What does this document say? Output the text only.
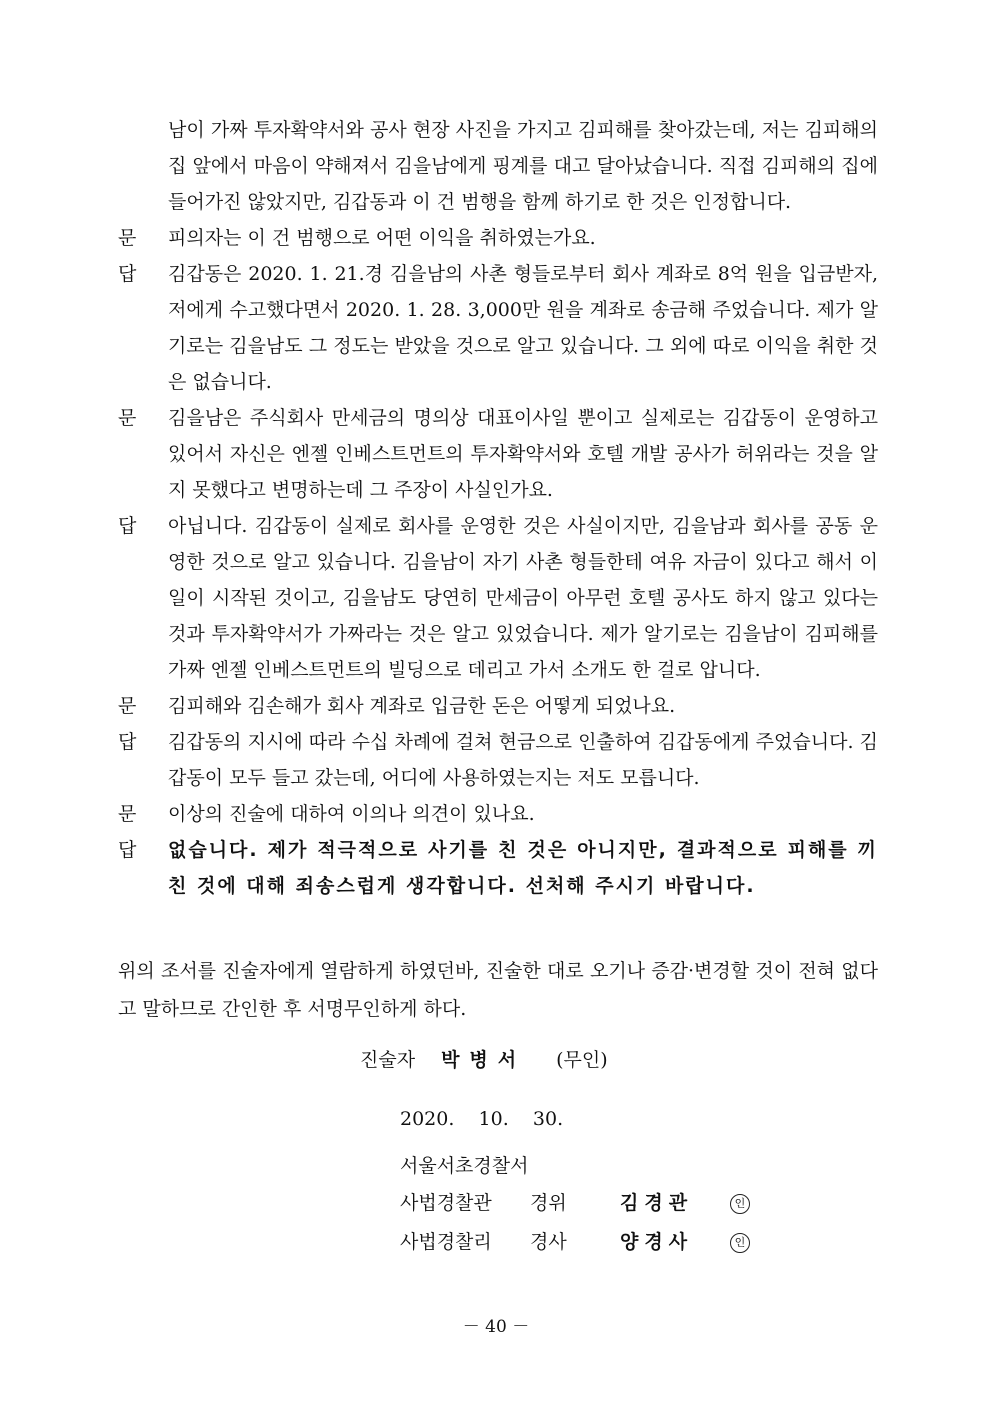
남이 가짜 투자확약서와 공사 현장 사진을 가지고 김피해를 찾아갔는데, 저는 김피해의 집 앞에서 마음이 약해져서 김을남에게 핑계를 대고 달아났습니다. 직접 김피해의 집에 들어가진 않았지만, 김갑동과 이 건 범행을 함께 하기로 한 것은 인정합니다.
문	피의자는 이 건 범행으로 어떤 이익을 취하였는가요.
답	김갑동은 2020. 1. 21.경 김을남의 사촌 형들로부터 회사 계좌로 8억 원을 입금받자, 저에게 수고했다면서 2020. 1. 28. 3,000만 원을 계좌로 송금해 주었습니다. 제가 알기로는 김을남도 그 정도는 받았을 것으로 알고 있습니다. 그 외에 따로 이익을 취한 것은 없습니다.
문	김을남은 주식회사 만세금의 명의상 대표이사일 뿐이고 실제로는 김갑동이 운영하고 있어서 자신은 엔젤 인베스트먼트의 투자확약서와 호텔 개발 공사가 허위라는 것을 알지 못했다고 변명하는데 그 주장이 사실인가요.
답	아닙니다. 김갑동이 실제로 회사를 운영한 것은 사실이지만, 김을남과 회사를 공동 운영한 것으로 알고 있습니다. 김을남이 자기 사촌 형들한테 여유 자금이 있다고 해서 이 일이 시작된 것이고, 김을남도 당연히 만세금이 아무런 호텔 공사도 하지 않고 있다는 것과 투자확약서가 가짜라는 것은 알고 있었습니다. 제가 알기로는 김을남이 김피해를 가짜 엔젤 인베스트먼트의 빌딩으로 데리고 가서 소개도 한 걸로 압니다.
문	김피해와 김손해가 회사 계좌로 입금한 돈은 어떻게 되었나요.
답	김갑동의 지시에 따라 수십 차례에 걸쳐 현금으로 인출하여 김갑동에게 주었습니다. 김갑동이 모두 들고 갔는데, 어디에 사용하였는지는 저도 모릅니다.
문	이상의 진술에 대하여 이의나 의견이 있나요.
답	없습니다. 제가 적극적으로 사기를 친 것은 아니지만, 결과적으로 피해를 끼친 것에 대해 죄송스럽게 생각합니다. 선처해 주시기 바랍니다.
위의 조서를 진술자에게 열람하게 하였던바, 진술한 대로 오기나 증감·변경할 것이 전혀 없다고 말하므로 간인한 후 서명무인하게 하다.
진술자 박병서 (무인)
2020.    10.    30.
서울서초경찰서
사법경찰관 경위	김경관	인
사법경찰리 경사	양경사	인
－ 40 －
